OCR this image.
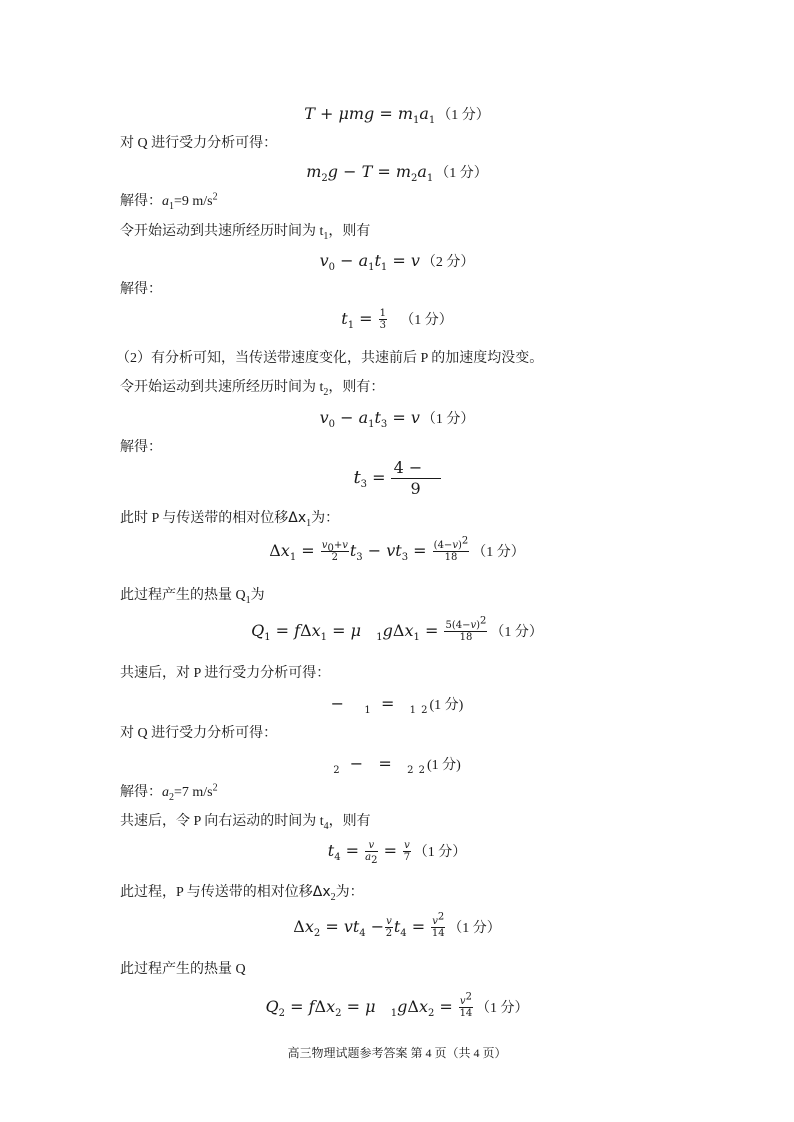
$T + \mu mg = m_1a_1$ （1 分）
对 Q 进行受力分析可得：
$m_2g - T = m_2a_1$ （1 分）
解得：$a_1=9$ $m/s^2$
令开始运动到共速所经历时间为 $t_1$，则有
$v_0 - a_1t_1 = v$ （2 分）
解得：
$t_1 = \frac{1}{3} (1$ 分）
（2）有分析可知，当传送带速度变化，共速前后 P 的加速度均没变。
令开始运动到共速所经历时间为 $t_2$，则有：
$v_0 - a_1t_3 = v$ （1 分）
解得：
$t_3 = \frac{4 -}{9}$
此时 P 与传送带的相对位移$\Delta x_1$为：
$\Delta x_1 = \frac{v_0+v}{2} t_3 - vt_3 = \frac{(4-v)^2}{18} (1$ 分）
此过程产生的热量 $Q_1$为
$Q_1 = f\Delta x_1 = \mu$ $_1g\Delta x_1 = \frac{5(4-v)^2}{18} (1$ 分）
共速后，对 P 进行受力分析可得：
−    $_1$  =   $_1$ $_2$ (1 分)
对 Q 进行受力分析可得：
$_2$  −   =   $_2$ $_2$ (1 分)
解得：$a_2=7$ $m/s^2$
共速后，令 P 向右运动的时间为 $t_4$，则有
$t_4 = \frac{v}{a_2} = \frac{v}{7} (1$ 分）
此过程，P 与传送带的相对位移$\Delta x_2$为：
$\Delta x_2 = vt_4 - \frac{v}{2} t_4 = \frac{v^2}{14} (1$ 分）
此过程产生的热量 Q
$Q_2 = f\Delta x_2 = \mu$ $_1g\Delta x_2 = \frac{v^2}{14} (1$ 分）
高三物理试题参考答案 第 4 页（共 4 页）
